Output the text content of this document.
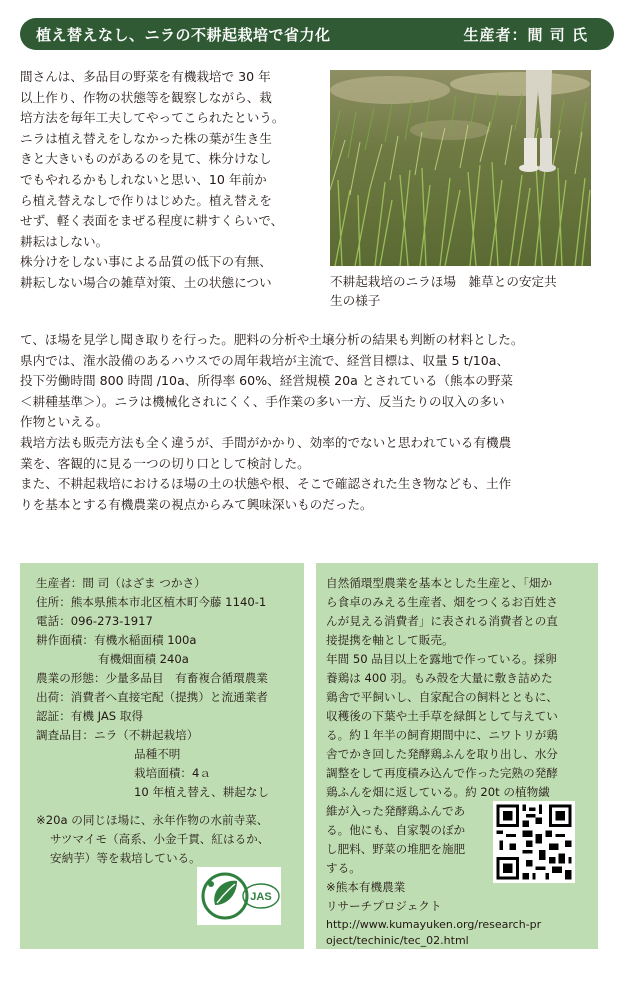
植え替えなし、ニラの不耕起栽培で省力化	生産者：間 司 氏
間さんは、多品目の野菜を有機栽培で 30 年
以上作り、作物の状態等を観察しながら、栽
培方法を毎年工夫してやってこられたという。
ニラは植え替えをしなかった株の葉が生き生
きと大きいものがあるのを見て、株分けなし
でもやれるかもしれないと思い、10 年前か
ら植え替えなしで作りはじめた。植え替えを
せず、軽く表面をまぜる程度に耕すくらいで、
耕耘はしない。
株分けをしない事による品質の低下の有無、
耕耘しない場合の雑草対策、土の状態につい
て、ほ場を見学し聞き取りを行った。肥料の分析や土壌分析の結果も判断の材料とした。
県内では、潅水設備のあるハウスでの周年栽培が主流で、経営目標は、収量 5 t/10a、
投下労働時間 800 時間 /10a、所得率 60%、経営規模 20a とされている（熊本の野菜
＜耕種基準＞）。ニラは機械化されにくく、手作業の多い一方、反当たりの収入の多い
作物といえる。
栽培方法も販売方法も全く違うが、手間がかかり、効率的でないと思われている有機農
業を、客観的に見る一つの切り口として検討した。
また、不耕起栽培におけるほ場の土の状態や根、そこで確認された生き物なども、土作
りを基本とする有機農業の視点からみて興味深いものだった。
不耕起栽培のニラほ場　雑草との安定共
生の様子
生産者：間 司（はざま つかさ）
住所：熊本県熊本市北区植木町今藤 1140-1
電話：096-273-1917
耕作面積：有機水稲面積 100a
有機畑面積 240a
農業の形態：少量多品目　有畜複合循環農業
出荷：消費者へ直接宅配（提携）と流通業者
認証：有機 JAS 取得
調査品目：ニラ（不耕起栽培）
品種不明
栽培面積：4ａ
10 年植え替え、耕起なし
※20a の同じほ場に、永年作物の水前寺菜、
サツマイモ（高系、小金千貫、紅はるか、
安納芋）等を栽培している。
JAS
自然循環型農業を基本とした生産と、「畑か
ら食卓のみえる生産者、畑をつくるお百姓さ
んが見える消費者」に表される消費者との直
接提携を軸として販売。
年間 50 品目以上を露地で作っている。採卵
養鶏は 400 羽。もみ殻を大量に敷き詰めた
鶏舎で平飼いし、自家配合の飼料とともに、
収穫後の下葉や土手草を緑餌として与えてい
る。約１年半の飼育期間中に、ニワトリが鶏
舎でかき回した発酵鶏ふんを取り出し、水分
調整をして再度積み込んで作った完熟の発酵
鶏ふんを畑に返している。約 20t の植物繊
維が入った発酵鶏ふんであ
る。他にも、自家製のぼか
し肥料、野菜の堆肥を施肥
する。
※熊本有機農業
リサーチプロジェクト
http://www.kumayuken.org/research-pr
oject/techinic/tec_02.html
